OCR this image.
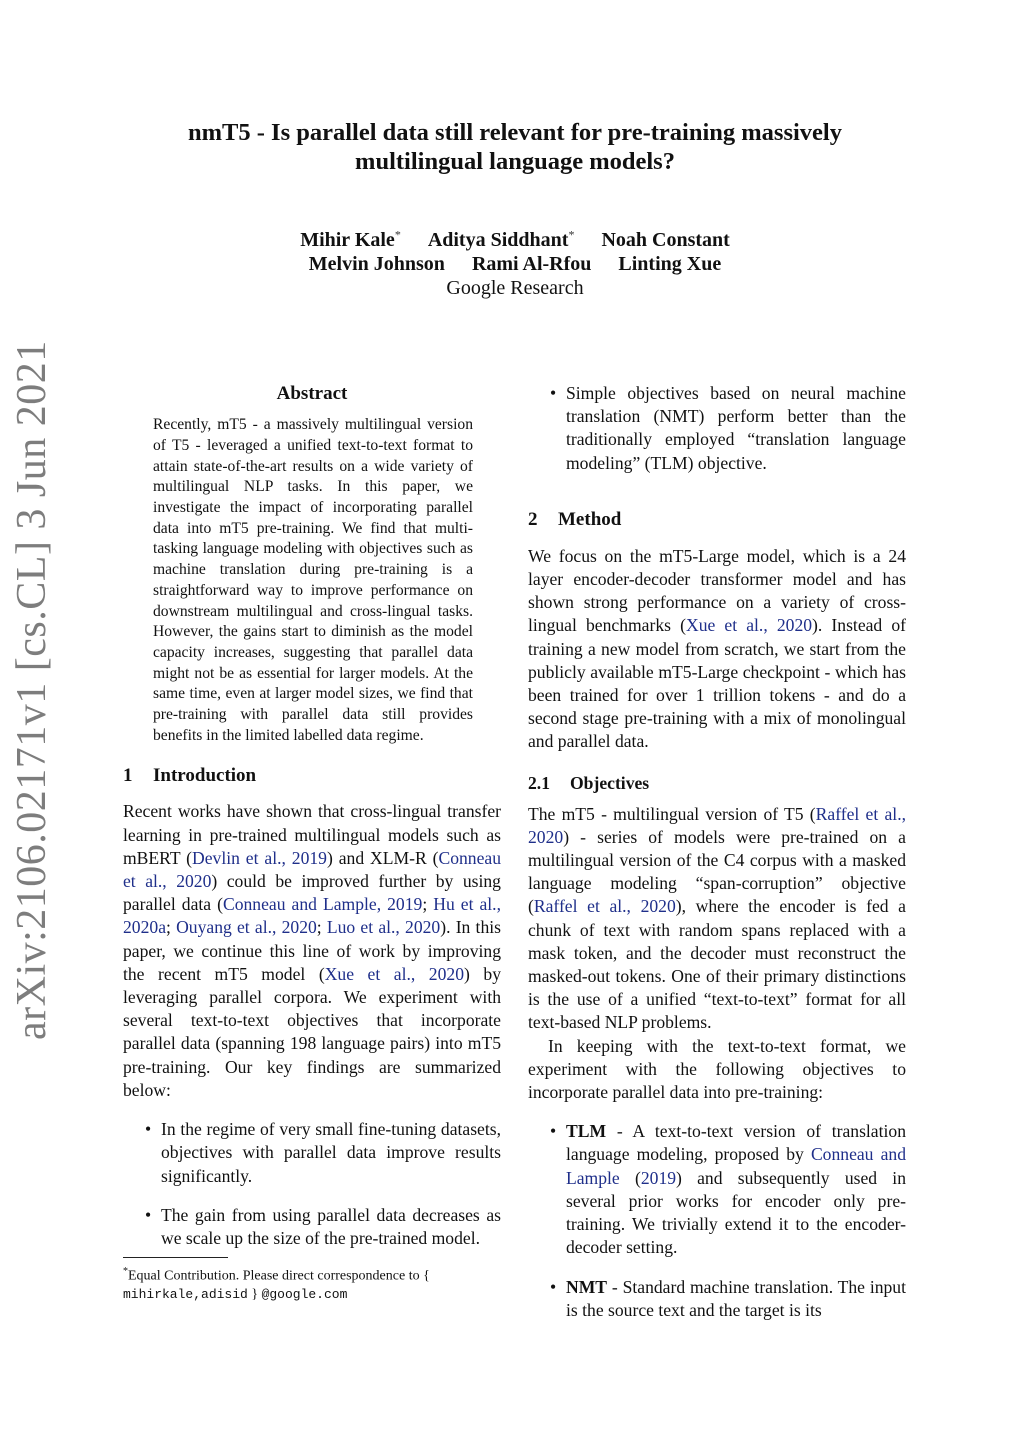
arXiv:2106.02171v1 [cs.CL] 3 Jun 2021
nmT5 - Is parallel data still relevant for pre-training massively
multilingual language models?
Mihir Kale* Aditya Siddhant* Noah Constant
Melvin Johnson Rami Al-Rfou Linting Xue
Google Research
Abstract

Recently, mT5 - a massively multilingual version of T5 - leveraged a unified text-to-text format to attain state-of-the-art results on a wide variety of multilingual NLP tasks. In this paper, we investigate the impact of incorporating parallel data into mT5 pre-training. We find that multi-tasking language modeling with objectives such as machine translation during pre-training is a straightforward way to improve performance on downstream multilingual and cross-lingual tasks. However, the gains start to diminish as the model capacity increases, suggesting that parallel data might not be as essential for larger models. At the same time, even at larger model sizes, we find that pre-training with parallel data still provides benefits in the limited labelled data regime.

1 Introduction

Recent works have shown that cross-lingual transfer learning in pre-trained multilingual models such as mBERT (Devlin et al., 2019) and XLM-R (Conneau et al., 2020) could be improved further by using parallel data (Conneau and Lample, 2019; Hu et al., 2020a; Ouyang et al., 2020; Luo et al., 2020). In this paper, we continue this line of work by improving the recent mT5 model (Xue et al., 2020) by leveraging parallel corpora. We experiment with several text-to-text objectives that incorporate parallel data (spanning 198 language pairs) into mT5 pre-training. Our key findings are summarized below:

• In the regime of very small fine-tuning datasets, objectives with parallel data improve results significantly.
• The gain from using parallel data decreases as we scale up the size of the pre-trained model.
*Equal Contribution. Please direct correspondence to {
mihirkale,adisid } @google.com
• Simple objectives based on neural machine translation (NMT) perform better than the traditionally employed “translation language modeling” (TLM) objective.
2 Method

We focus on the mT5-Large model, which is a 24 layer encoder-decoder transformer model and has shown strong performance on a variety of cross-lingual benchmarks (Xue et al., 2020). Instead of training a new model from scratch, we start from the publicly available mT5-Large checkpoint - which has been trained for over 1 trillion tokens - and do a second stage pre-training with a mix of monolingual and parallel data.

2.1 Objectives

The mT5 - multilingual version of T5 (Raffel et al., 2020) - series of models were pre-trained on a multilingual version of the C4 corpus with a masked language modeling “span-corruption” objective (Raffel et al., 2020), where the encoder is fed a chunk of text with random spans replaced with a mask token, and the decoder must reconstruct the masked-out tokens. One of their primary distinctions is the use of a unified “text-to-text” format for all text-based NLP problems.

In keeping with the text-to-text format, we experiment with the following objectives to incorporate parallel data into pre-training:

• TLM - A text-to-text version of translation language modeling, proposed by Conneau and Lample (2019) and subsequently used in several prior works for encoder only pre-training. We trivially extend it to the encoder-decoder setting.
• NMT - Standard machine translation. The input is the source text and the target is its
